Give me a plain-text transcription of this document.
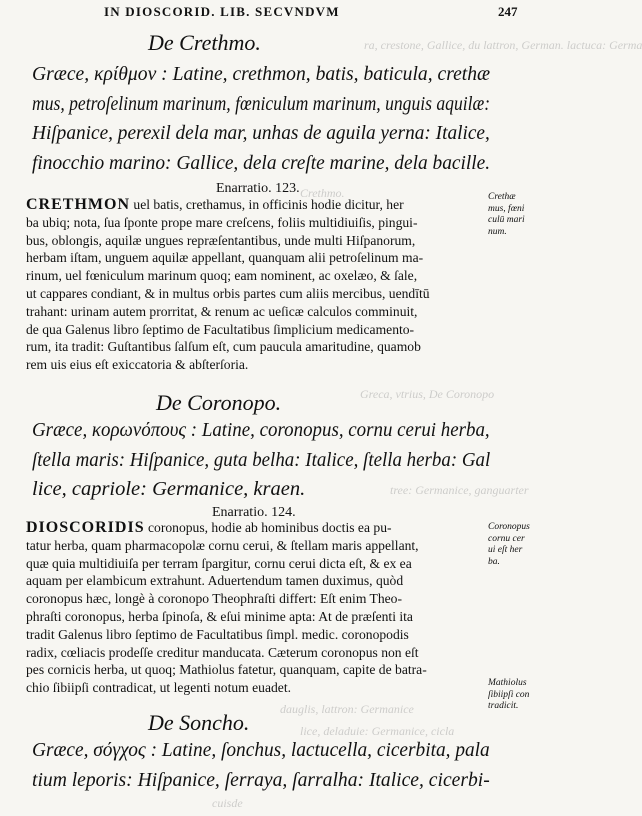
IN DIOSCORID. LIB. SECVNDVM	247
ra, crestone, Gallice, du lattron, German. lactuca: Germa
Crethmo.
Greca, vtrius, De Coronopo
tree: Germanice, ganguarter
dauglis, lattron: Germanice
lice, deladuie: Germanice, cicla
cuisde
De Crethmo.
Græce, κρίθμον : Latine, crethmon, batis, baticula, crethæ
mus, petroſelinum marinum, fœniculum marinum, unguis aquilæ:
Hiſpanice, perexil dela mar, unhas de aguila yerna: Italice,
finocchio marino: Gallice, dela creſte marine, dela bacille.
Enarratio. 123.
CRETHMON uel batis, crethamus, in officinis hodie dicitur, her
ba ubiq; nota, ſua ſponte prope mare creſcens, foliis multidiuiſis, pingui-
bus, oblongis, aquilæ ungues repræſentantibus, unde multi Hiſpanorum,
herbam iſtam, unguem aquilæ appellant, quanquam alii petroſelinum ma-
rinum, uel fœniculum marinum quoq; eam nominent, ac oxelæo, & ſale,
ut cappares condiant, & in multus orbis partes cum aliis mercibus, uendītū
trahant: urinam autem prorritat, & renum ac ueſicæ calculos comminuit,
de qua Galenus libro ſeptimo de Facultatibus ſimplicium medicamento-
rum, ita tradit: Guſtantibus ſalſum eſt, cum paucula amaritudine, quamob
rem uis eius eſt exiccatoria & abſterſoria.
Crethæ
mus, fœni
culū mari
num.
De Coronopo.
Græce, κορωνόπους : Latine, coronopus, cornu cerui herba,
ſtella maris: Hiſpanice, guta belha: Italice, ſtella herba: Gal
lice, capriole: Germanice, kraen.
Enarratio. 124.
DIOSCORIDIS coronopus, hodie ab hominibus doctis ea pu-
tatur herba, quam pharmacopolæ cornu cerui, & ſtellam maris appellant,
quæ quia multidiuiſa per terram ſpargitur, cornu cerui dicta eſt, & ex ea
aquam per elambicum extrahunt. Aduertendum tamen duximus, quòd
coronopus hæc, longè à coronopo Theophraſti differt: Eſt enim Theo-
phraſti coronopus, herba ſpinoſa, & eſui minime apta: At de præſenti ita
tradit Galenus libro ſeptimo de Facultatibus ſimpl. medic. coronopodis
radix, cœliacis prodeſſe creditur manducata. Cæterum coronopus non eſt
pes cornicis herba, ut quoq; Mathiolus fatetur, quanquam, capite de batra-
chio ſibiipſi contradicat, ut legenti notum euadet.
Coronopus
cornu cer
ui eſt her
ba.
Mathiolus
ſibiipſi con
tradicit.
De Soncho.
Græce, σόγχος : Latine, ſonchus, lactucella, cicerbita, pala
tium leporis: Hiſpanice, ſerraya, ſarralha: Italice, cicerbi-
